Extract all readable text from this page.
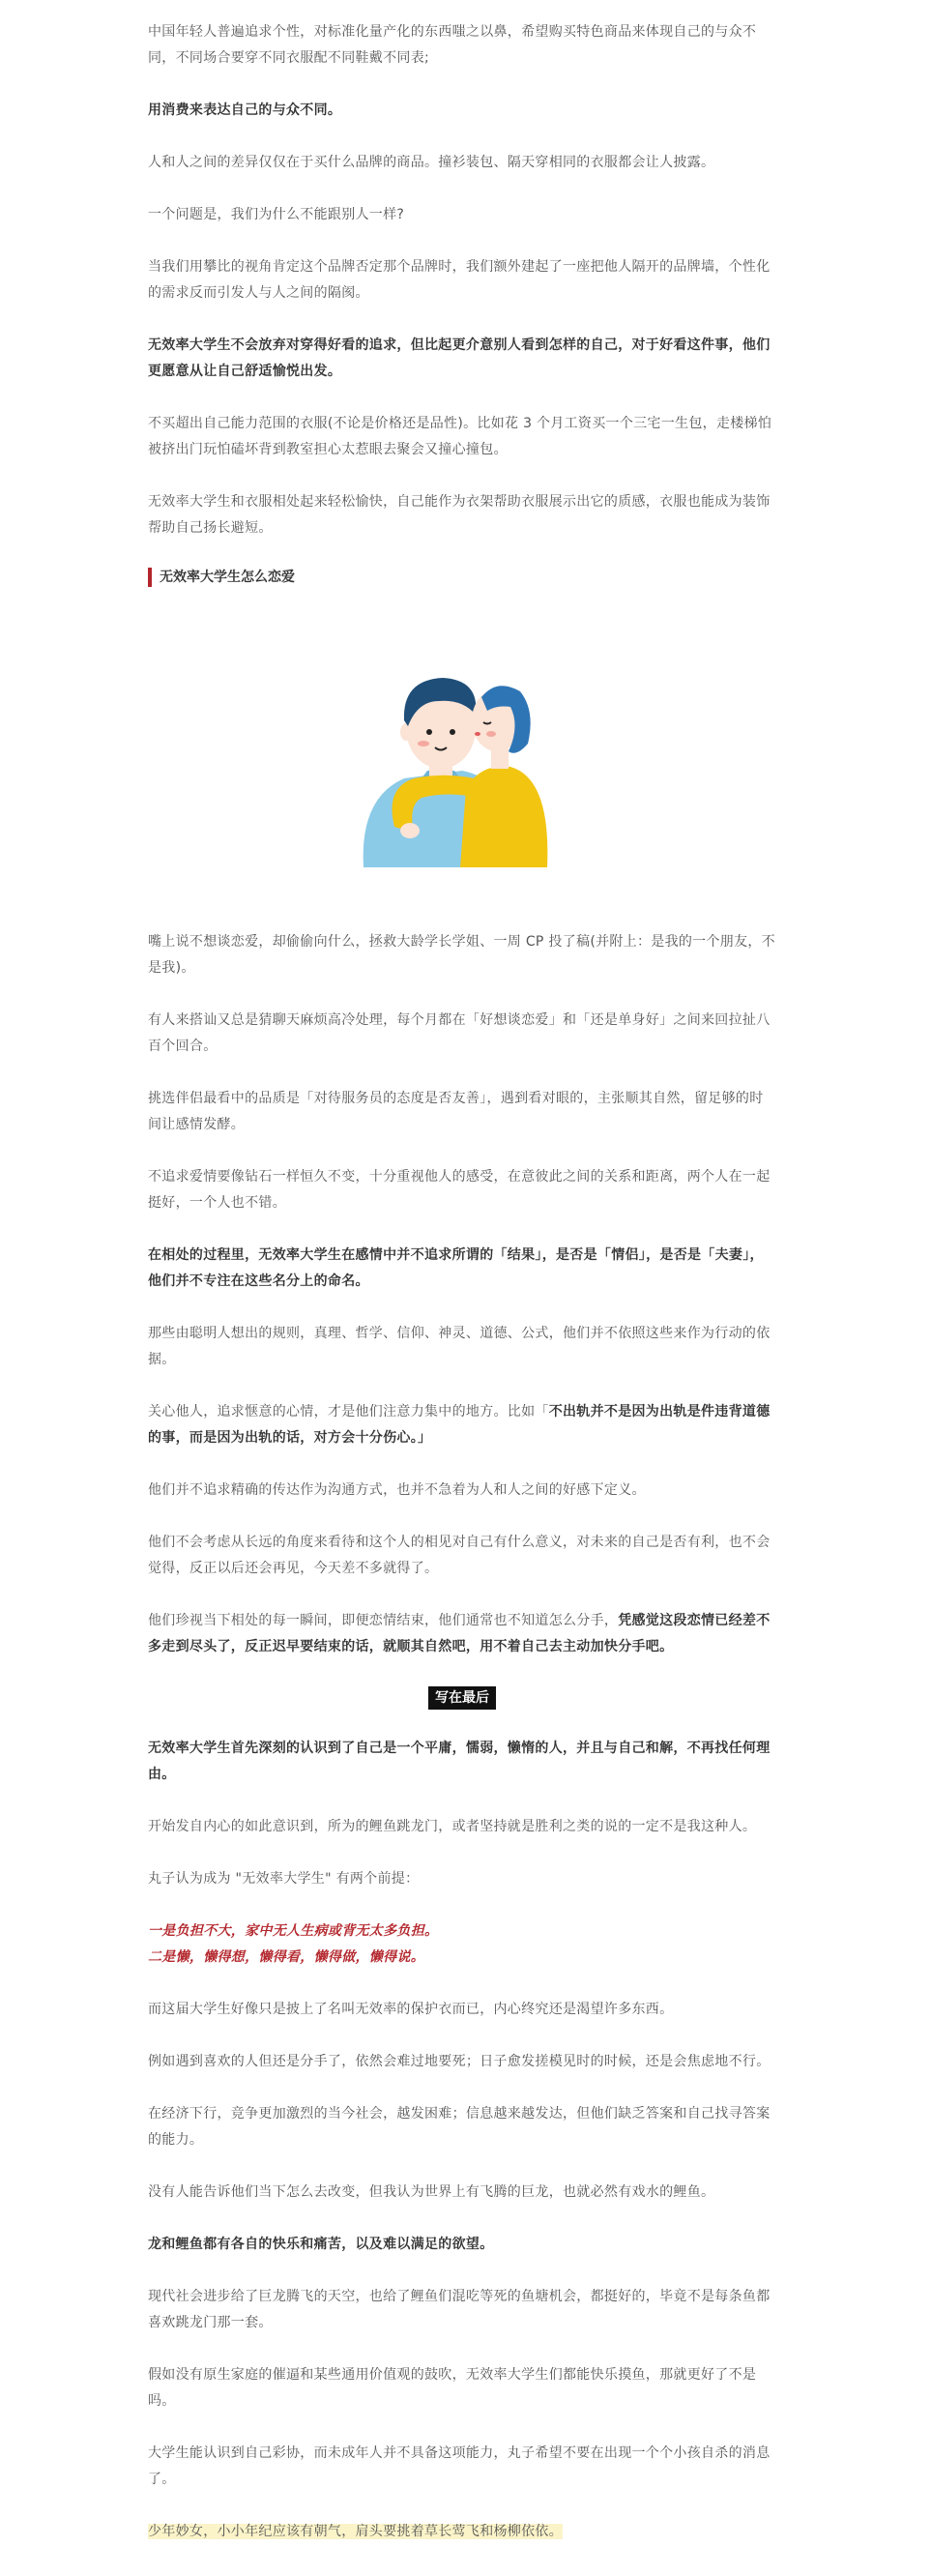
中国年轻人普遍追求个性，对标准化量产化的东西嗤之以鼻，希望购买特色商品来体现自己的与众不同，不同场合要穿不同衣服配不同鞋戴不同表;

用消费来表达自己的与众不同。

人和人之间的差异仅仅在于买什么品牌的商品。撞衫装包、隔天穿相同的衣服都会让人披露。

一个问题是，我们为什么不能跟别人一样?

当我们用攀比的视角肯定这个品牌否定那个品牌时，我们额外建起了一座把他人隔开的品牌墙，个性化的需求反而引发人与人之间的隔阂。

无效率大学生不会放弃对穿得好看的追求，但比起更介意别人看到怎样的自己，对于好看这件事，他们更愿意从让自己舒适愉悦出发。

不买超出自己能力范围的衣服(不论是价格还是品性)。比如花 3 个月工资买一个三宅一生包，走楼梯怕被挤出门玩怕磕坏背到教室担心太惹眼去聚会又撞心撞包。

无效率大学生和衣服相处起来轻松愉快，自己能作为衣架帮助衣服展示出它的质感，衣服也能成为装饰帮助自己扬长避短。

无效率大学生怎么恋爱

嘴上说不想谈恋爱，却偷偷向什么，拯救大龄学长学姐、一周 CP 投了稿(并附上：是我的一个朋友，不是我)。

有人来搭讪又总是猜聊天麻烦高冷处理，每个月都在「好想谈恋爱」和「还是单身好」之间来回拉扯八百个回合。

挑选伴侣最看中的品质是「对待服务员的态度是否友善」，遇到看对眼的，主张顺其自然，留足够的时间让感情发酵。

不追求爱情要像钻石一样恒久不变，十分重视他人的感受，在意彼此之间的关系和距离，两个人在一起挺好，一个人也不错。

在相处的过程里，无效率大学生在感情中并不追求所谓的「结果」，是否是「情侣」，是否是「夫妻」，他们并不专注在这些名分上的命名。

那些由聪明人想出的规则，真理、哲学、信仰、神灵、道德、公式，他们并不依照这些来作为行动的依据。

关心他人，追求惬意的心情，才是他们注意力集中的地方。比如「不出轨并不是因为出轨是件违背道德的事，而是因为出轨的话，对方会十分伤心。」

他们并不追求精确的传达作为沟通方式，也并不急着为人和人之间的好感下定义。

他们不会考虑从长远的角度来看待和这个人的相见对自己有什么意义，对未来的自己是否有利，也不会觉得，反正以后还会再见，今天差不多就得了。

他们珍视当下相处的每一瞬间，即便恋情结束，他们通常也不知道怎么分手，凭感觉这段恋情已经差不多走到尽头了，反正迟早要结束的话，就顺其自然吧，用不着自己去主动加快分手吧。

写在最后

无效率大学生首先深刻的认识到了自己是一个平庸，懦弱，懒惰的人，并且与自己和解，不再找任何理由。

开始发自内心的如此意识到，所为的鲤鱼跳龙门，或者坚持就是胜利之类的说的一定不是我这种人。

丸子认为成为 "无效率大学生" 有两个前提：

一是负担不大，家中无人生病或背无太多负担。
二是懒，懒得想，懒得看，懒得做，懒得说。

而这届大学生好像只是披上了名叫无效率的保护衣而已，内心终究还是渴望许多东西。

例如遇到喜欢的人但还是分手了，依然会难过地要死；日子愈发搓模见时的时候，还是会焦虑地不行。

在经济下行，竞争更加激烈的当今社会，越发困难；信息越来越发达，但他们缺乏答案和自己找寻答案的能力。

没有人能告诉他们当下怎么去改变，但我认为世界上有飞腾的巨龙，也就必然有戏水的鲤鱼。

龙和鲤鱼都有各自的快乐和痛苦，以及难以满足的欲望。

现代社会进步给了巨龙腾飞的天空，也给了鲤鱼们混吃等死的鱼塘机会，都挺好的，毕竟不是每条鱼都喜欢跳龙门那一套。

假如没有原生家庭的催逼和某些通用价值观的鼓吹，无效率大学生们都能快乐摸鱼，那就更好了不是吗。

大学生能认识到自己彩协，而未成年人并不具备这项能力，丸子希望不要在出现一个个小孩自杀的消息了。

少年妙女，小小年纪应该有朝气，肩头要挑着草长莺飞和杨柳依依。
